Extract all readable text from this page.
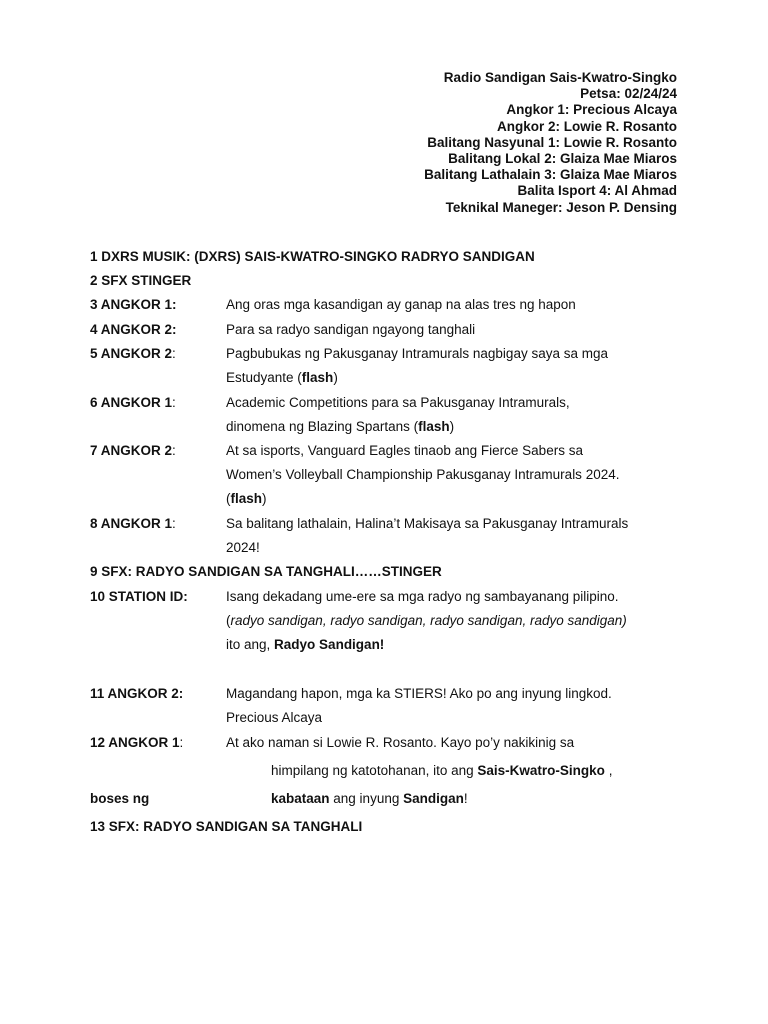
Radio Sandigan Sais-Kwatro-Singko
Petsa: 02/24/24
Angkor 1: Precious Alcaya
Angkor 2: Lowie R. Rosanto
Balitang Nasyunal 1: Lowie R. Rosanto
Balitang Lokal 2: Glaiza Mae Miaros
Balitang Lathalain 3: Glaiza Mae Miaros
Balita Isport 4: Al Ahmad
Teknikal Maneger: Jeson P. Densing
1 DXRS MUSIK: (DXRS) SAIS-KWATRO-SINGKO RADRYO SANDIGAN
2 SFX STINGER
3 ANGKOR 1:	Ang oras mga kasandigan ay ganap na alas tres ng hapon
4 ANGKOR 2:	Para sa radyo sandigan ngayong tanghali
5 ANGKOR 2:	Pagbubukas ng Pakusganay Intramurals nagbigay saya sa mga
Estudyante (flash)
6 ANGKOR 1:	Academic Competitions para sa Pakusganay Intramurals,
dinomena ng Blazing Spartans (flash)
7 ANGKOR 2:	At sa isports, Vanguard Eagles tinaob ang Fierce Sabers sa
Women’s Volleyball Championship Pakusganay Intramurals 2024.
(flash)
8 ANGKOR 1:	Sa balitang lathalain, Halina’t Makisaya sa Pakusganay Intramurals
2024!
9 SFX: RADYO SANDIGAN SA TANGHALI……STINGER
10 STATION ID:	Isang dekadang ume-ere sa mga radyo ng sambayanang pilipino.
(radyo sandigan, radyo sandigan, radyo sandigan, radyo sandigan)
ito ang, Radyo Sandigan!
11 ANGKOR 2:	Magandang hapon, mga ka STIERS! Ako po ang inyung lingkod.
Precious Alcaya
12 ANGKOR 1:	At ako naman si Lowie R. Rosanto. Kayo po’y nakikinig sa
himpilang ng katotohanan, ito ang Sais-Kwatro-Singko ,
boses ng	kabataan ang inyung Sandigan!
13 SFX: RADYO SANDIGAN SA TANGHALI
